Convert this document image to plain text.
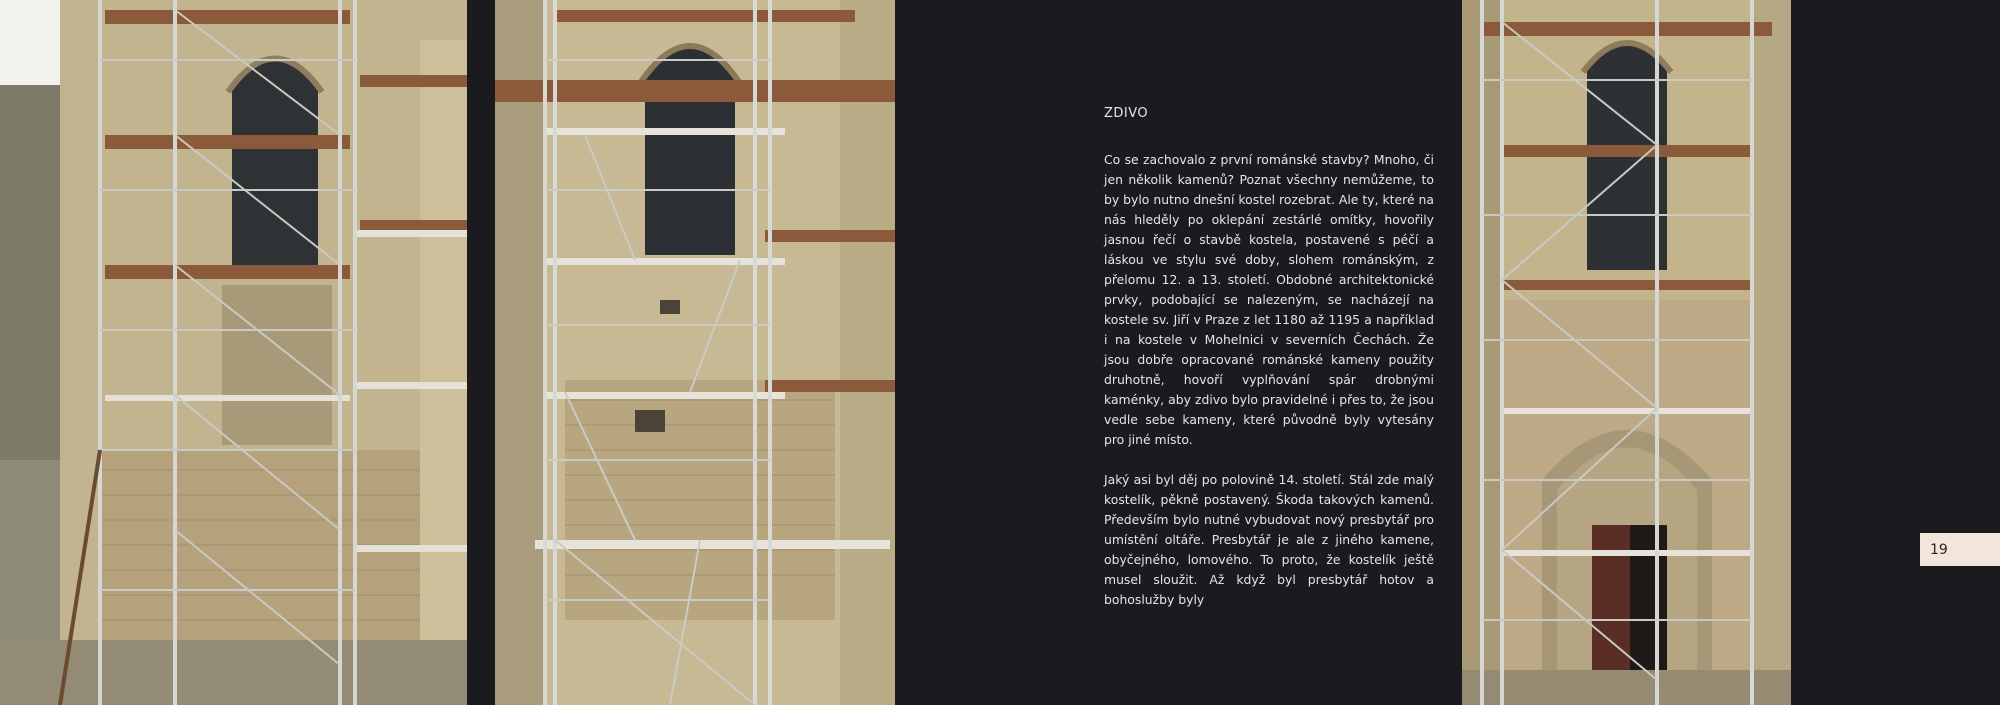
ZDIVO

Co se zachovalo z první románské stavby? Mnoho, či jen několik kamenů? Poznat všechny nemůžeme, to by bylo nutno dnešní kostel rozebrat. Ale ty, které na nás hleděly po oklepání zestárlé omítky, hovořily jasnou řečí o stavbě kostela, postavené s péčí a láskou ve stylu své doby, slohem románským, z přelomu 12. a 13. století. Obdobné architektonické prvky, podobající se nalezeným, se nacházejí na kostele sv. Jiří v Praze z let 1180 až 1195 a například i na kostele v Mohelnici v severních Čechách. Že jsou dobře opracované románské kameny použity druhotně, hovoří vyplňování spár drobnými kaménky, aby zdivo bylo pravidelné i přes to, že jsou vedle sebe kameny, které původně byly vytesány pro jiné místo.

Jaký asi byl děj po polovině 14. století. Stál zde malý kostelík, pěkně postavený. Škoda takových kamenů. Především bylo nutné vybudovat nový presbytář pro umístění oltáře. Presbytář je ale z jiného kamene, obyčejného, lomového. To proto, že kostelík ještě musel sloužit. Až když byl presbytář hotov a bohoslužby byly

19
